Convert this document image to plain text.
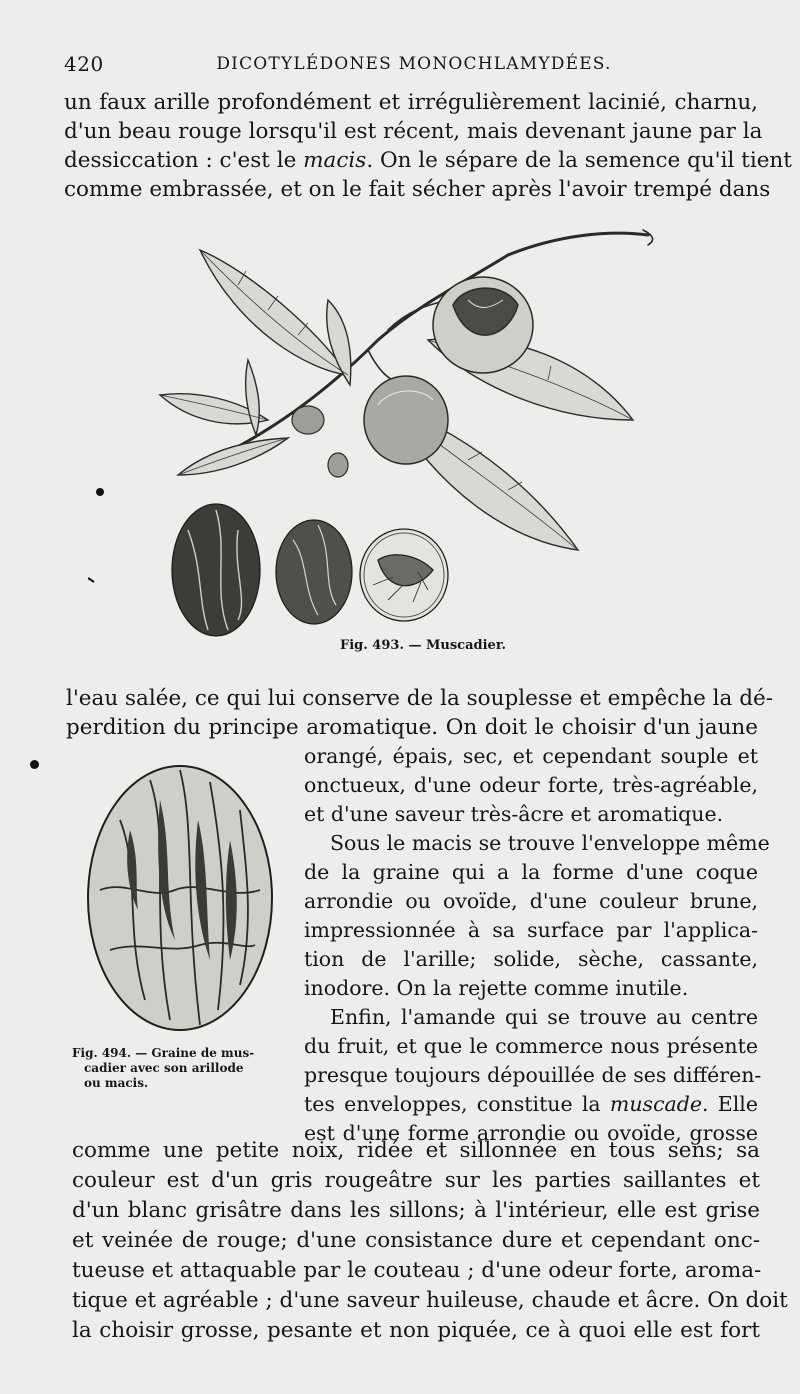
420	DICOTYLÉDONES MONOCHLAMYDÉES.

un faux arille profondément et irrégulièrement lacinié, charnu,
d'un beau rouge lorsqu'il est récent, mais devenant jaune par la
dessiccation : c'est le macis. On le sépare de la semence qu'il tient
comme embrassée, et on le fait sécher après l'avoir trempé dans

Fig. 493. — Muscadier.

l'eau salée, ce qui lui conserve de la souplesse et empêche la dé-
perdition du principe aromatique. On doit le choisir d'un jaune

Fig. 494. — Graine de mus-
cadier avec son arillode
ou macis.

orangé, épais, sec, et cependant souple et
onctueux, d'une odeur forte, très-agréable,
et d'une saveur très-âcre et aromatique.
Sous le macis se trouve l'enveloppe même
de la graine qui a la forme d'une coque
arrondie ou ovoïde, d'une couleur brune,
impressionnée à sa surface par l'applica-
tion de l'arille; solide, sèche, cassante,
inodore. On la rejette comme inutile.
Enfin, l'amande qui se trouve au centre
du fruit, et que le commerce nous présente
presque toujours dépouillée de ses différen-
tes enveloppes, constitue la muscade. Elle
est d'une forme arrondie ou ovoïde, grosse

comme une petite noix, ridée et sillonnée en tous sens; sa
couleur est d'un gris rougeâtre sur les parties saillantes et
d'un blanc grisâtre dans les sillons; à l'intérieur, elle est grise
et veinée de rouge; d'une consistance dure et cependant onc-
tueuse et attaquable par le couteau ; d'une odeur forte, aroma-
tique et agréable ; d'une saveur huileuse, chaude et âcre. On doit
la choisir grosse, pesante et non piquée, ce à quoi elle est fort
